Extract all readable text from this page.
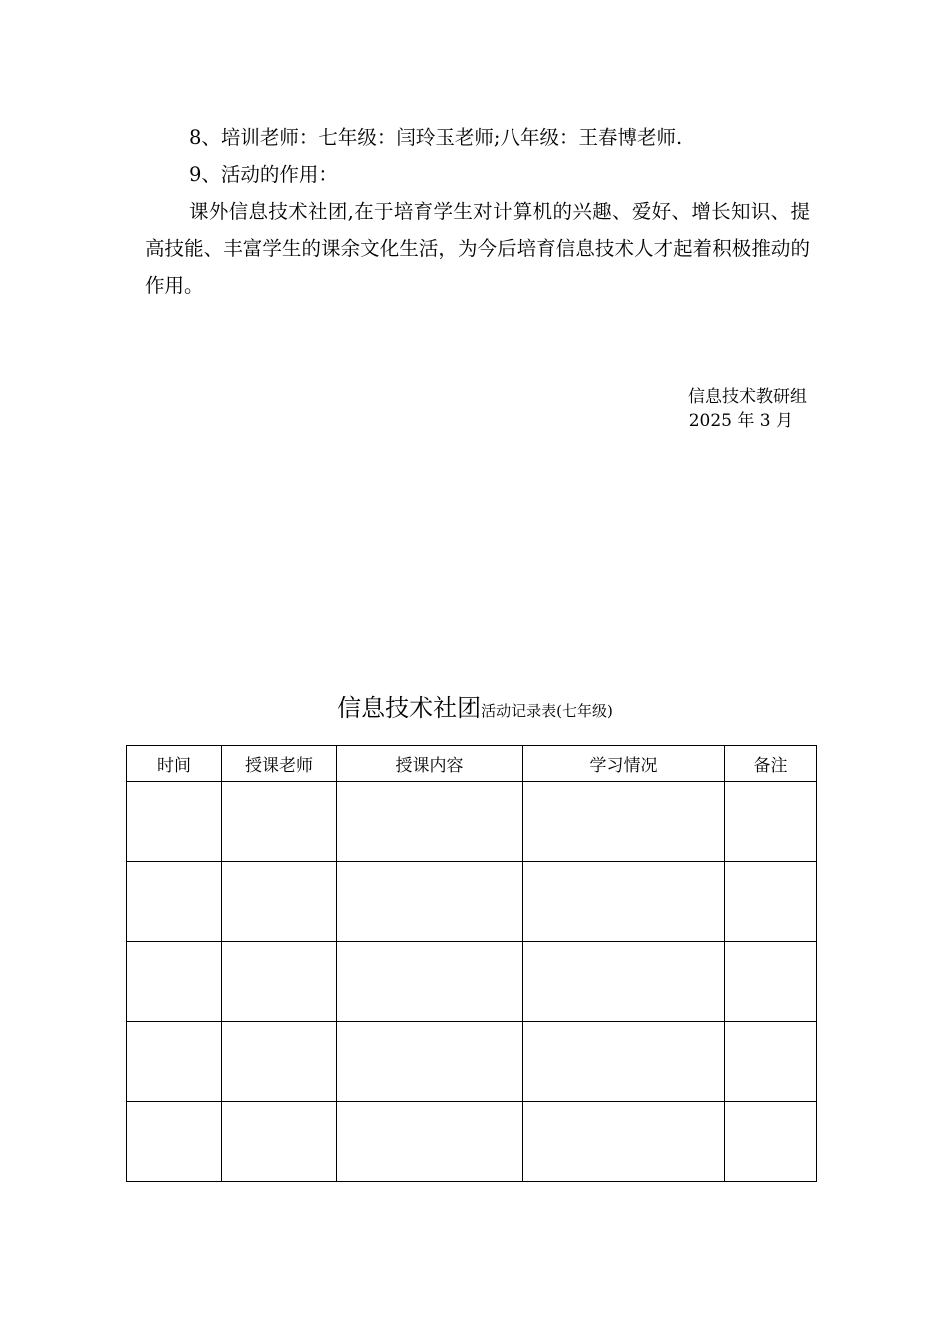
8、培训老师：七年级：闫玲玉老师;八年级：王春博老师.

9、活动的作用：

课外信息技术社团,在于培育学生对计算机的兴趣、爱好、增长知识、提高技能、丰富学生的课余文化生活，为今后培育信息技术人才起着积极推动的作用。

信息技术教研组
2025 年 3 月
信息技术社团活动记录表(七年级)
时间	授课老师	授课内容	学习情况	备注
